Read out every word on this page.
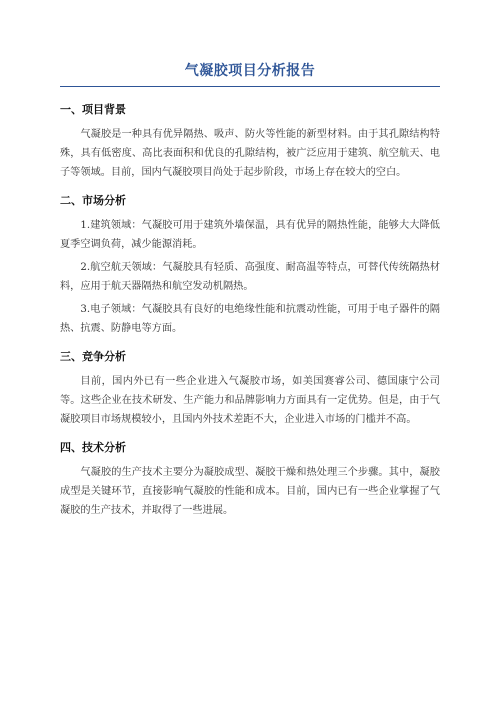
气凝胶项目分析报告
一、项目背景

气凝胶是一种具有优异隔热、吸声、防火等性能的新型材料。由于其孔隙结构特殊，具有低密度、高比表面积和优良的孔隙结构，被广泛应用于建筑、航空航天、电子等领域。目前，国内气凝胶项目尚处于起步阶段，市场上存在较大的空白。

二、市场分析

1.建筑领域：气凝胶可用于建筑外墙保温，具有优异的隔热性能，能够大大降低夏季空调负荷，减少能源消耗。

2.航空航天领域：气凝胶具有轻质、高强度、耐高温等特点，可替代传统隔热材料，应用于航天器隔热和航空发动机隔热。

3.电子领域：气凝胶具有良好的电绝缘性能和抗震动性能，可用于电子器件的隔热、抗震、防静电等方面。

三、竞争分析

目前，国内外已有一些企业进入气凝胶市场，如美国赛睿公司、德国康宁公司等。这些企业在技术研发、生产能力和品牌影响力方面具有一定优势。但是，由于气凝胶项目市场规模较小，且国内外技术差距不大，企业进入市场的门槛并不高。

四、技术分析

气凝胶的生产技术主要分为凝胶成型、凝胶干燥和热处理三个步骤。其中，凝胶成型是关键环节，直接影响气凝胶的性能和成本。目前，国内已有一些企业掌握了气凝胶的生产技术，并取得了一些进展。
